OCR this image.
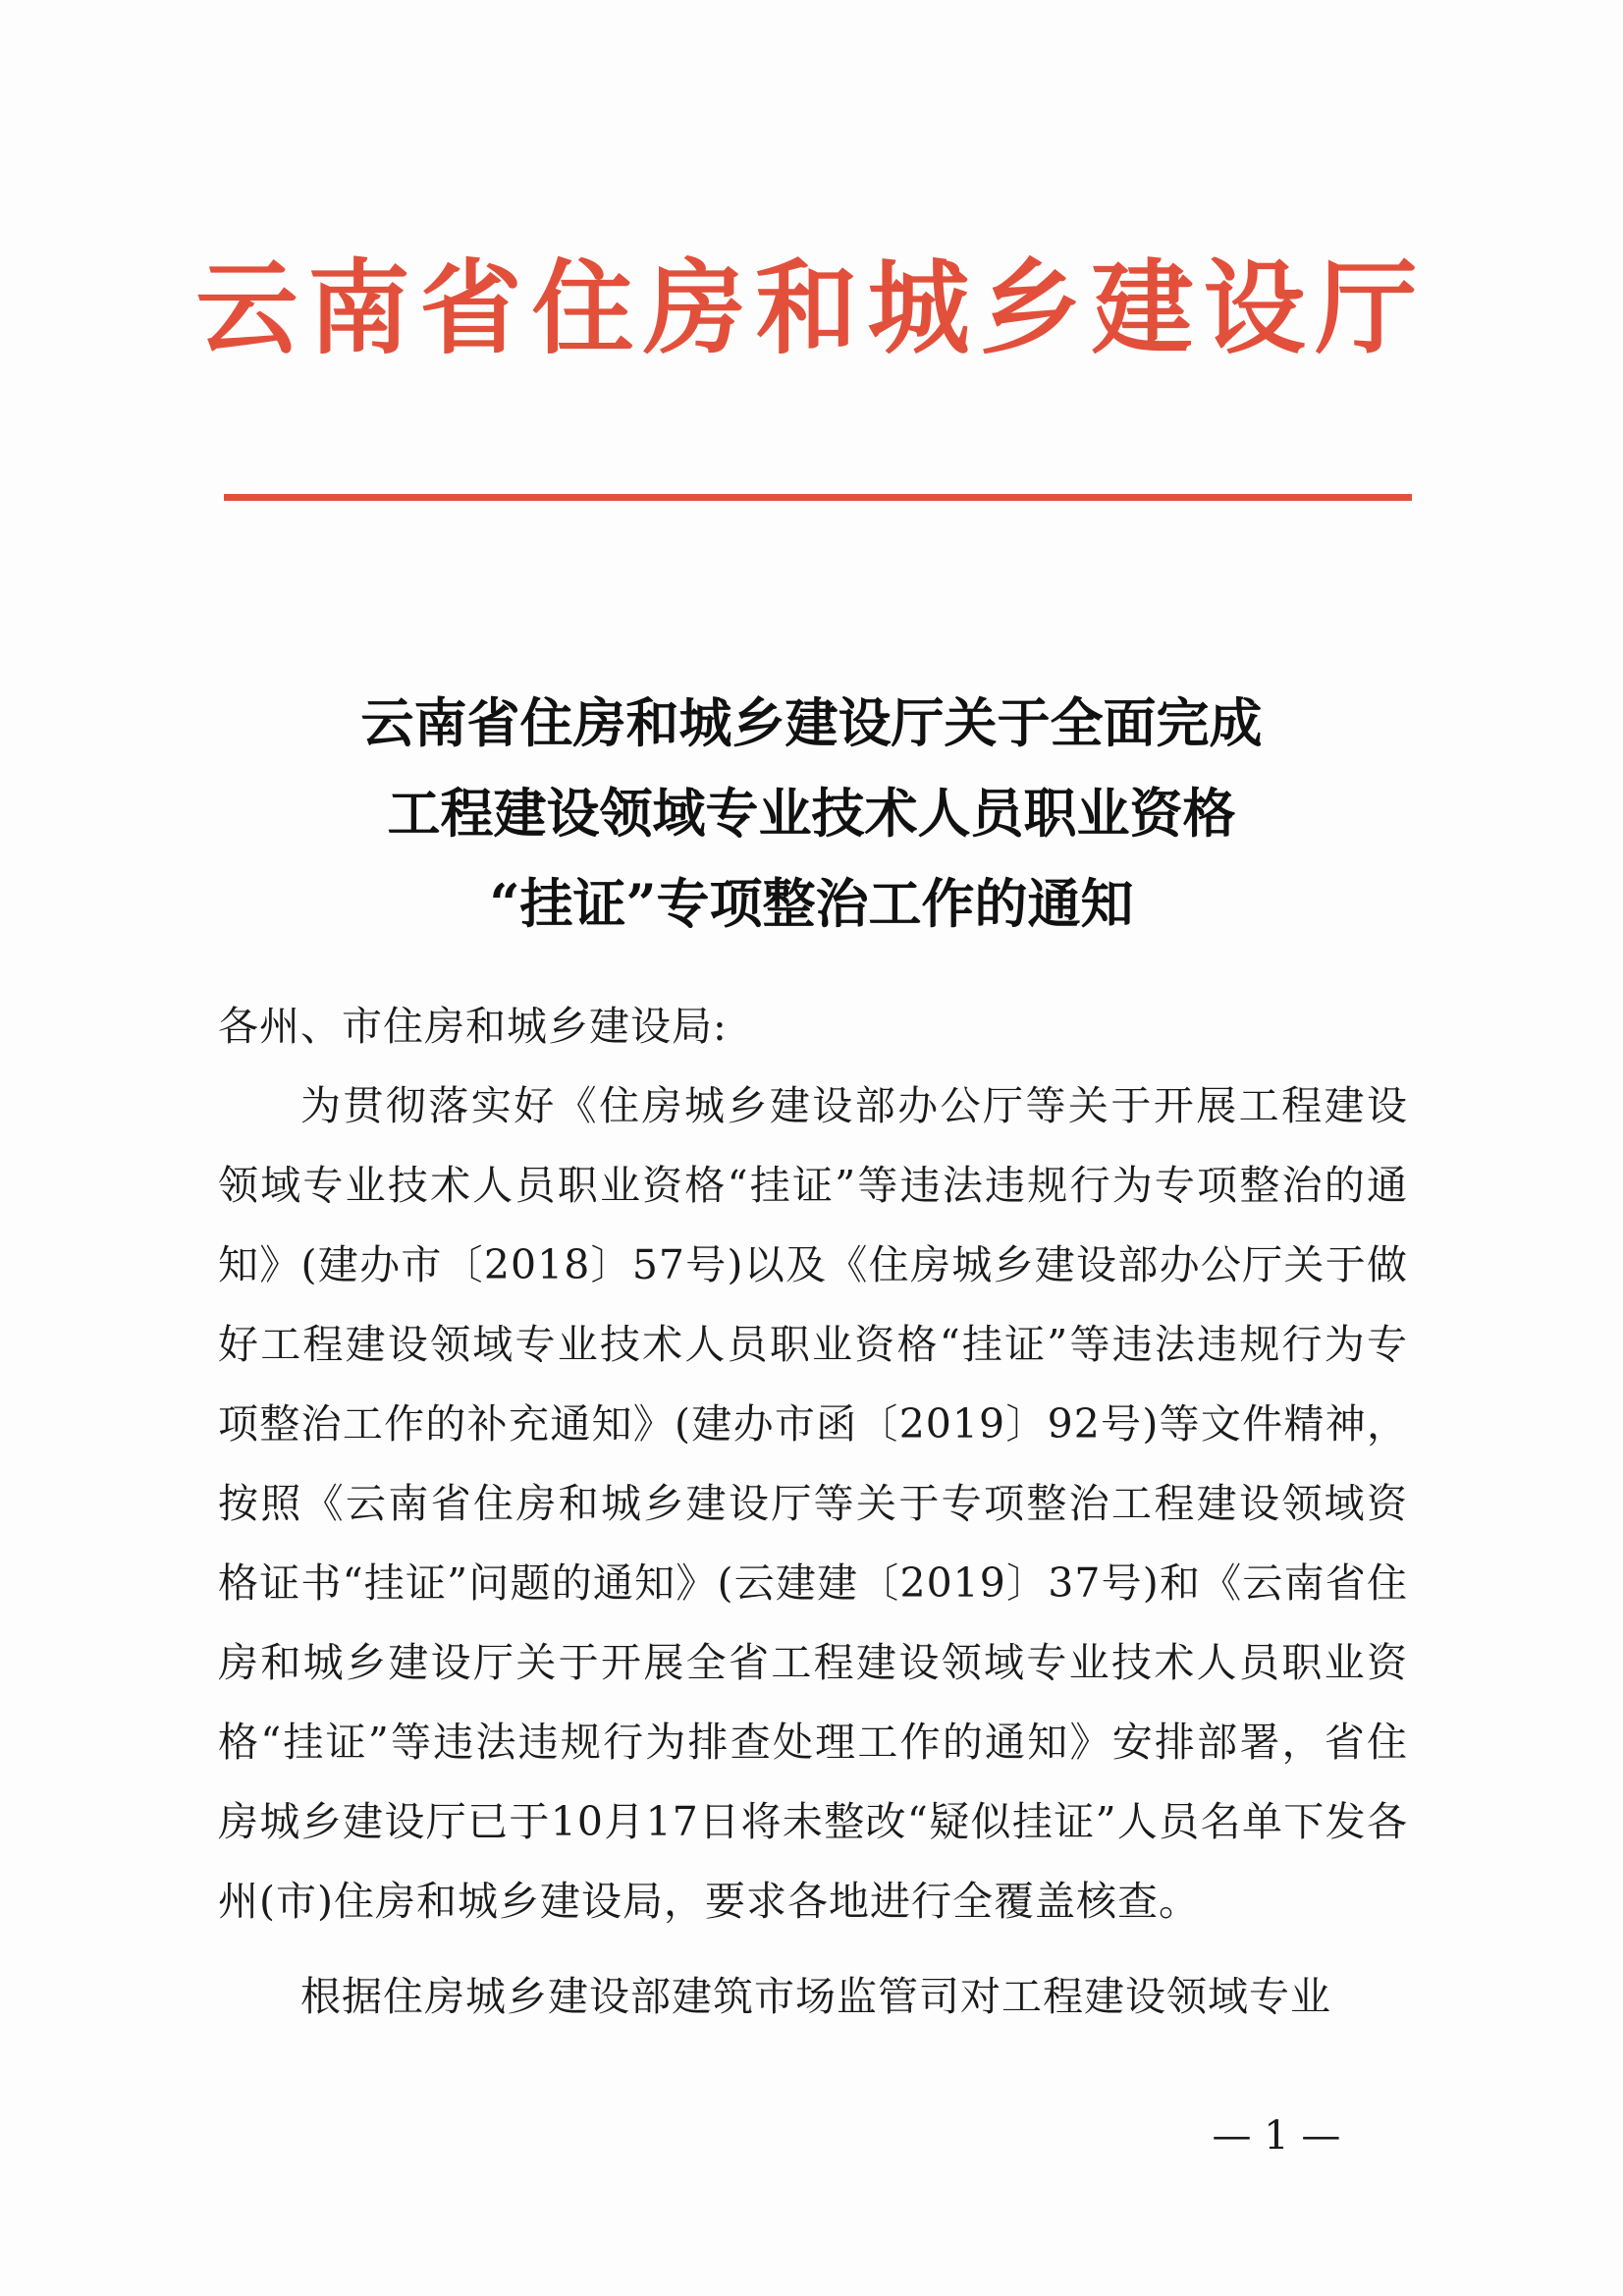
云南省住房和城乡建设厅
云南省住房和城乡建设厅关于全面完成
工程建设领域专业技术人员职业资格
“挂证”专项整治工作的通知

各州、市住房和城乡建设局:

为贯彻落实好《住房城乡建设部办公厅等关于开展工程建设领域专业技术人员职业资格“挂证”等违法违规行为专项整治的通知》(建办市〔2018〕57号)以及《住房城乡建设部办公厅关于做好工程建设领域专业技术人员职业资格“挂证”等违法违规行为专项整治工作的补充通知》(建办市函〔2019〕92号)等文件精神，按照《云南省住房和城乡建设厅等关于专项整治工程建设领域资格证书“挂证”问题的通知》(云建建〔2019〕37号)和《云南省住房和城乡建设厅关于开展全省工程建设领域专业技术人员职业资格“挂证”等违法违规行为排查处理工作的通知》安排部署，省住房城乡建设厅已于10月17日将未整改“疑似挂证”人员名单下发各州(市)住房和城乡建设局，要求各地进行全覆盖核查。

根据住房城乡建设部建筑市场监管司对工程建设领域专业

— 1 —
